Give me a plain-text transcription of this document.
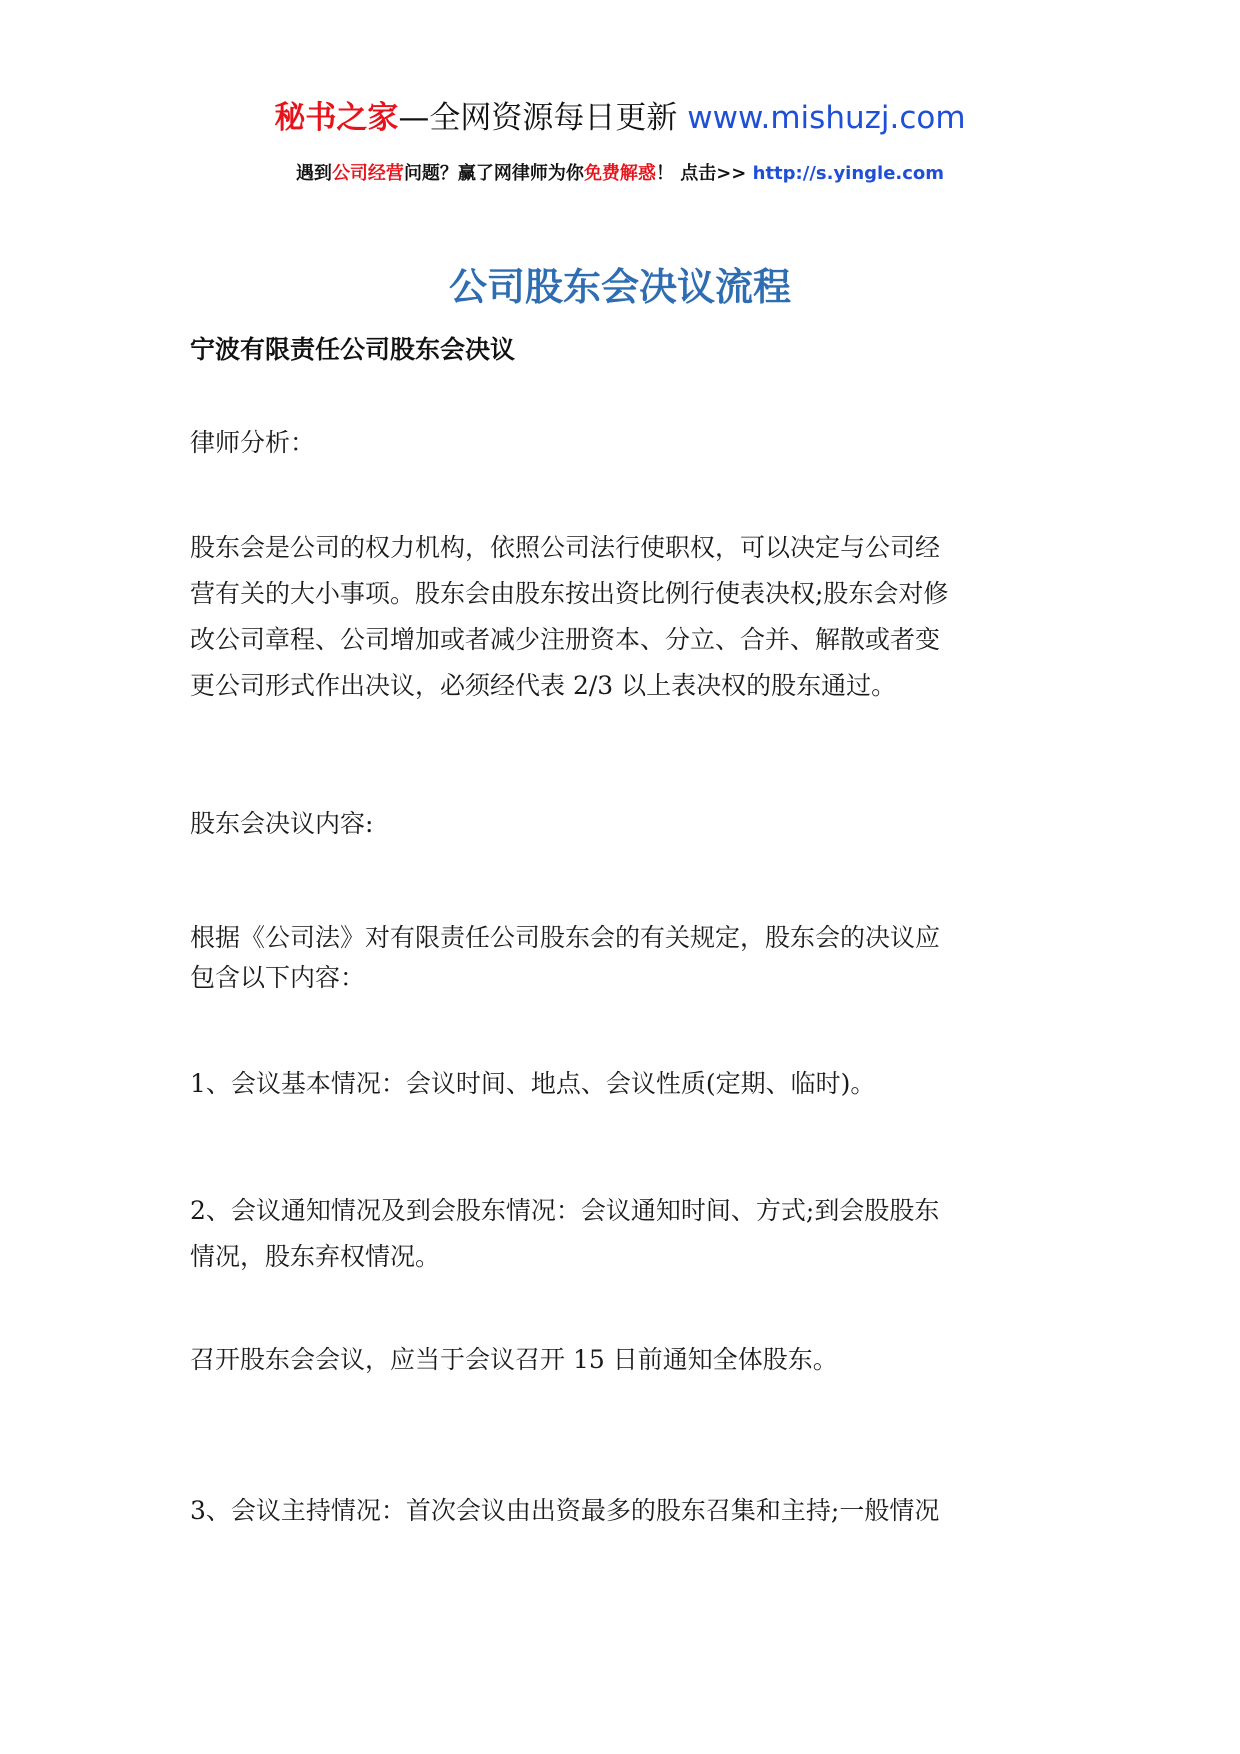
秘书之家—全网资源每日更新 www.mishuzj.com
遇到公司经营问题？赢了网律师为你免费解惑！ 点击>> http://s.yingle.com
公司股东会决议流程
宁波有限责任公司股东会决议

律师分析：

股东会是公司的权力机构，依照公司法行使职权，可以决定与公司经
营有关的大小事项。股东会由股东按出资比例行使表决权;股东会对修
改公司章程、公司增加或者减少注册资本、分立、合并、解散或者变
更公司形式作出决议，必须经代表 2/3 以上表决权的股东通过。

股东会决议内容:

根据《公司法》对有限责任公司股东会的有关规定，股东会的决议应
包含以下内容：

1、会议基本情况：会议时间、地点、会议性质(定期、临时)。

2、会议通知情况及到会股东情况：会议通知时间、方式;到会股股东
情况，股东弃权情况。

召开股东会会议，应当于会议召开 15 日前通知全体股东。

3、会议主持情况：首次会议由出资最多的股东召集和主持;一般情况
